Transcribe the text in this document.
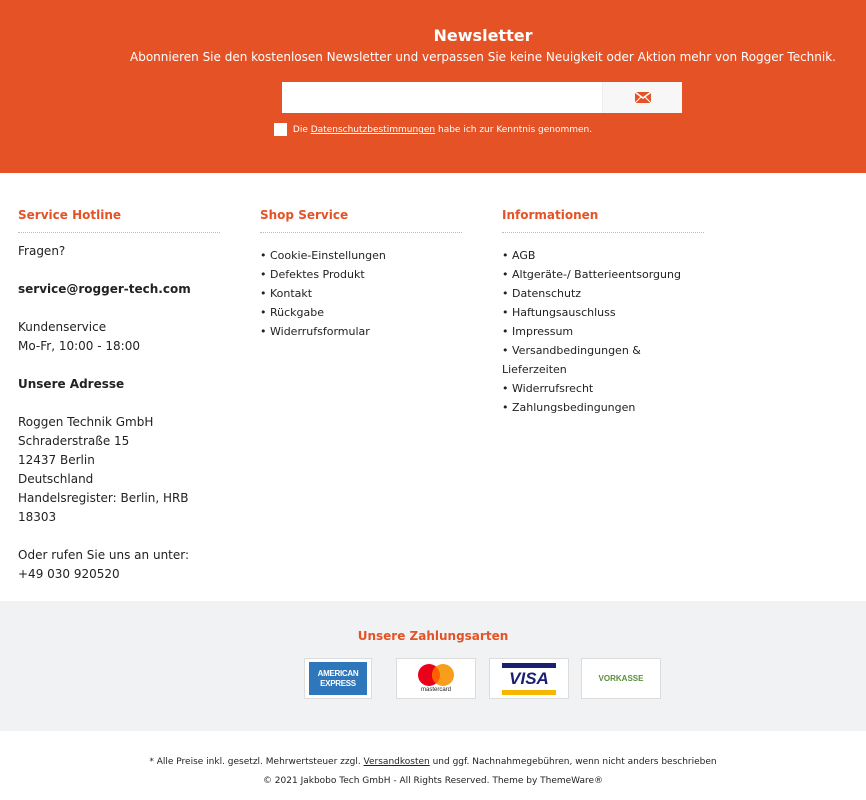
Newsletter
Abonnieren Sie den kostenlosen Newsletter und verpassen Sie keine Neuigkeit oder Aktion mehr von Rogger Technik.
Die Datenschutzbestimmungen habe ich zur Kenntnis genommen.
Service Hotline

Fragen?

service@rogger-tech.com

Kundenservice

Mo-Fr, 10:00 - 18:00

Unsere Adresse

Roggen Technik GmbH

Schraderstraße 15

12437 Berlin

Deutschland

Handelsregister: Berlin, HRB 18303

Oder rufen Sie uns an unter:

+49 030 920520

Shop Service
• Cookie-Einstellungen
• Defektes Produkt
• Kontakt
• Rückgabe
• Widerrufsformular
Informationen
• AGB
• Altgeräte-/ Batterieentsorgung
• Datenschutz
• Haftungsauschluss
• Impressum
• Versandbedingungen & Lieferzeiten
• Widerrufsrecht
• Zahlungsbedingungen
Unsere Zahlungsarten
AMERICAN
EXPRESS
mastercard
VISA	VORKASSE
* Alle Preise inkl. gesetzl. Mehrwertsteuer zzgl. Versandkosten und ggf. Nachnahmegebühren, wenn nicht anders beschrieben
© 2021 Jakbobo Tech GmbH - All Rights Reserved. Theme by ThemeWare®
